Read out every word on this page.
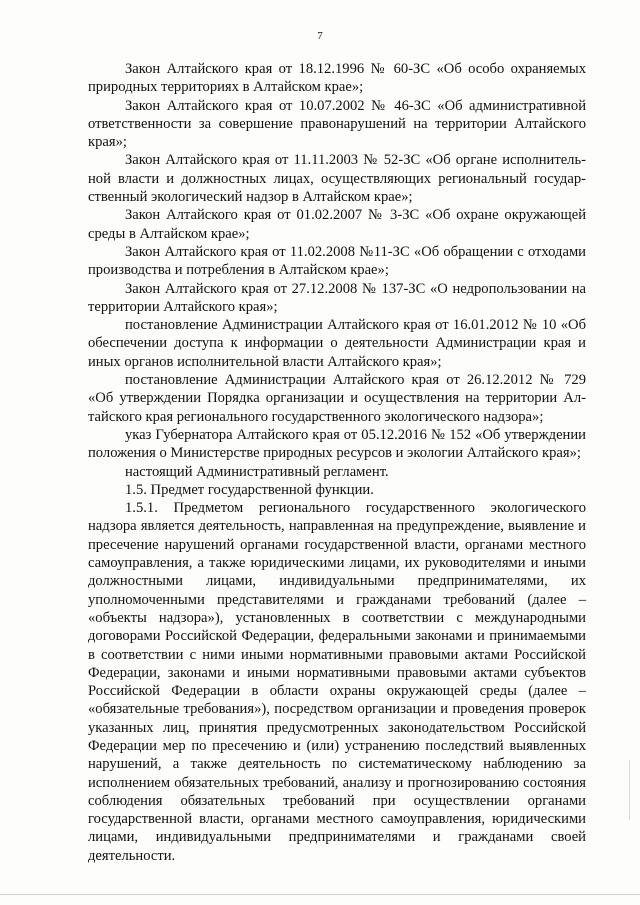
7

Закон Алтайского края от 18.12.1996 № 60-ЗС «Об особо охраняемых природных территориях в Алтайском крае»;

Закон Алтайского края от 10.07.2002 № 46-ЗС «Об административной ответственности за совершение правонарушений на территории Алтайского края»;

Закон Алтайского края от 11.11.2003 № 52-ЗС «Об органе исполнительной власти и должностных лицах, осуществляющих региональный государственный экологический надзор в Алтайском крае»;

Закон Алтайского края от 01.02.2007 № 3-ЗС «Об охране окружающей среды в Алтайском крае»;

Закон Алтайского края от 11.02.2008 №11-ЗС «Об обращении с отходами производства и потребления в Алтайском крае»;

Закон Алтайского края от 27.12.2008 № 137-ЗС «О недропользовании на территории Алтайского края»;

постановление Администрации Алтайского края от 16.01.2012 № 10 «Об обеспечении доступа к информации о деятельности Администрации края и иных органов исполнительной власти Алтайского края»;

постановление Администрации Алтайского края от 26.12.2012 № 729 «Об утверждении Порядка организации и осуществления на территории Алтайского края регионального государственного экологического надзора»;

указ Губернатора Алтайского края от 05.12.2016 № 152 «Об утверждении положения о Министерстве природных ресурсов и экологии Алтайского края»;

настоящий Административный регламент.

1.5. Предмет государственной функции.

1.5.1. Предметом регионального государственного экологического надзора является деятельность, направленная на предупреждение, выявление и пресечение нарушений органами государственной власти, органами местного самоуправления, а также юридическими лицами, их руководителями и иными должностными лицами, индивидуальными предпринимателями, их уполномоченными представителями и гражданами требований (далее – «объекты надзора»), установленных в соответствии с международными договорами Российской Федерации, федеральными законами и принимаемыми в соответствии с ними иными нормативными правовыми актами Российской Федерации, законами и иными нормативными правовыми актами субъектов Российской Федерации в области охраны окружающей среды (далее – «обязательные требования»), посредством организации и проведения проверок указанных лиц, принятия предусмотренных законодательством Российской Федерации мер по пресечению и (или) устранению последствий выявленных нарушений, а также деятельность по систематическому наблюдению за исполнением обязательных требований, анализу и прогнозированию состояния соблюдения обязательных требований при осуществлении органами государственной власти, органами местного самоуправления, юридическими лицами, индивидуальными предпринимателями и гражданами своей деятельности.
